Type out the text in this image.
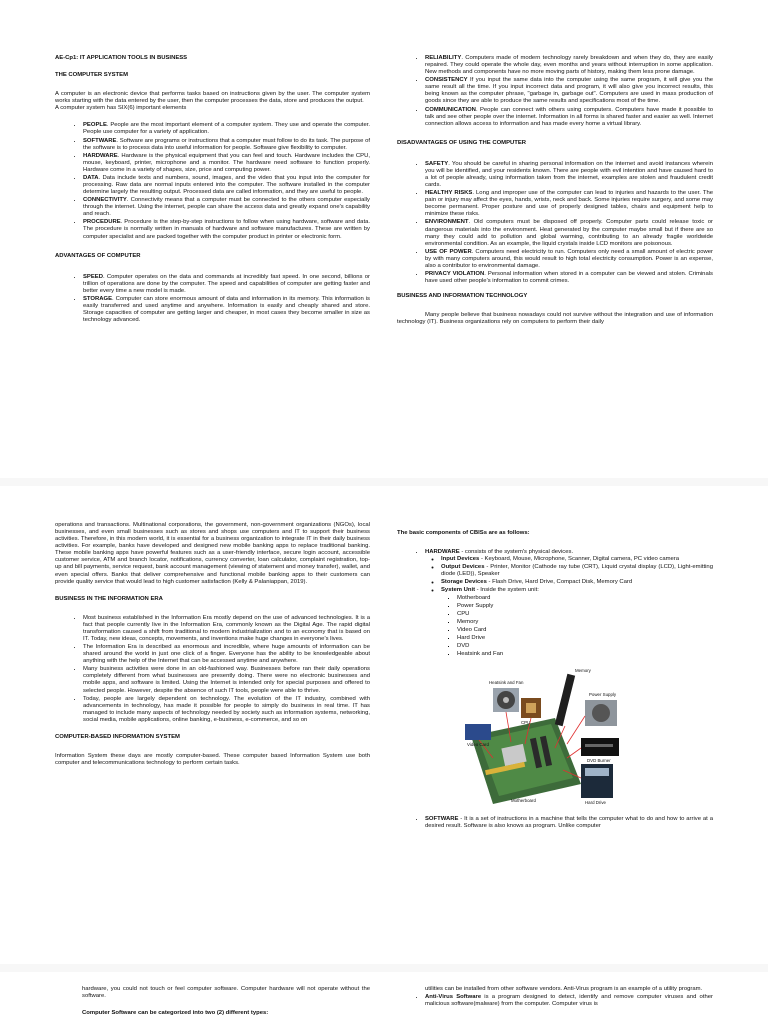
AE-Cp1: IT APPLICATION TOOLS IN BUSINESS
THE COMPUTER SYSTEM

A computer is an electronic device that performs tasks based on instructions given by the user. The computer system works starting with the data entered by the user, then the computer processes the data, store and produces the output.

A computer system has SIX(6) important elements

• PEOPLE. People are the most important element of a computer system. They use and operate the computer. People use computer for a variety of application.
• SOFTWARE. Software are programs or instructions that a computer must follow to do its task. The purpose of the software is to process data into useful information for people. Software give flexibility to computer.
• HARDWARE. Hardware is the physical equipment that you can feel and touch. Hardware includes the CPU, mouse, keyboard, printer, microphone and a monitor. The hardware need software to function properly. Hardware come in a variety of shapes, size, price and computing power.
• DATA. Data include texts and numbers, sound, images, and the video that you input into the computer for processing. Raw data are normal inputs entered into the computer. The software installed in the computer determine largely the resulting output. Processed data are called information, and they are useful to people.
• CONNECTIVITY. Connectivity means that a computer must be connected to the others computer especially through the internet. Using the internet, people can share the access data and greatly expand one's capability and reach.
• PROCEDURE. Procedure is the step-by-step instructions to follow when using hardware, software and data. The procedure is normally written in manuals of hardware and software manufactures. These are written by computer specialist and are packed together with the computer product in printer or electronic form.
ADVANTAGES OF COMPUTER
• SPEED. Computer operates on the data and commands at incredibly fast speed. In one second, billions or trillion of operations are done by the computer. The speed and capabilities of computer are getting faster and better every time a new model is made.
• STORAGE. Computer can store enormous amount of data and information in its memory. This information is easily transferred and used anytime and anywhere. Information is easily and cheaply shared and store. Storage capacities of computer are getting larger and cheaper, in most cases they become smaller in size as technology advanced.
• RELIABILITY. Computers made of modern technology rarely breakdown and when they do, they are easily repaired. They could operate the whole day, even months and years without interruption in some application. New methods and components have no more moving parts of history, making them less prone damage.
• CONSISTENCY If you input the same data into the computer using the same program, it will give you the same result all the time. If you input incorrect data and program, it will also give you incorrect results, this being known as the computer phrase, "garbage in, garbage out". Computers are used in mass production of goods since they are able to produce the same results and specifications most of the time.
• COMMUNICATION. People can connect with others using computers. Computers have made it possible to talk and see other people over the internet. Information in all forms is shared faster and easier as well. Internet connection allows access to information and has made every home a virtual library.
DISADVANTAGES OF USING THE COMPUTER
• SAFETY. You should be careful in sharing personal information on the internet and avoid instances wherein you will be identified, and your residents known. There are people with evil intention and have caused hard to a lot of people already, using information taken from the internet, examples are stolen and fraudulent credit cards.
• HEALTHY RISKS. Long and improper use of the computer can lead to injuries and hazards to the user. The pain or injury may affect the eyes, hands, wrists, neck and back. Some injuries require surgery, and some may become permanent. Proper posture and use of properly designed tables, chairs and equipment help to minimize these risks.
• ENVIRONMENT. Old computers must be disposed off properly. Computer parts could release toxic or dangerous materials into the environment. Heat generated by the computer maybe small but if there are so many they could add to pollution and global warming, contributing to an already fragile worldwide environmental condition. As an example, the liquid crystals inside LCD monitors are poisonous.
• USE OF POWER. Computers need electricity to run. Computers only need a small amount of electric power by with many computers around, this would result to high total electricity consumption. Power is an expense, also a contributor to environmental damage.
• PRIVACY VIOLATION. Personal information when stored in a computer can be viewed and stolen. Criminals have used other people's information to commit crimes.
BUSINESS AND INFORMATION TECHNOLOGY

Many people believe that business nowadays could not survive without the integration and use of information technology (IT). Business organizations rely on computers to perform their daily

operations and transactions. Multinational corporations, the government, non-government organizations (NGOs), local businesses, and even small businesses such as stores and shops use computers and IT to support their business activities. Therefore, in this modern world, it is essential for a business organization to integrate IT in their daily business activities. For example, banks have developed and designed new mobile banking apps to replace traditional banking. These mobile banking apps have powerful features such as a user-friendly interface, secure login account, accessible customer service, ATM and branch locator, notifications, currency converter, loan calculator, complaint registration, top-up and bill payments, service request, bank account management (viewing of statement and money transfer), wallet, and even special offers. Banks that deliver comprehensive and functional mobile banking apps to their customers can provide quality service that would lead to high customer satisfaction (Kelly & Palaniappan, 2019).

BUSINESS IN THE INFORMATION ERA
• Most business established in the Information Era mostly depend on the use of advanced technologies. It is a fact that people currently live in the Information Era, commonly known as the Digital Age. The rapid digital transformation caused a shift from traditional to modern industrialization and to an economy that is based on IT. Today, new ideas, concepts, movements, and inventions make huge changes in everyone's lives.
• The Information Era is described as enormous and incredible, where huge amounts of information can be shared around the world in just one click of a finger. Everyone has the ability to be knowledgeable about anything with the help of the Internet that can be accessed anytime and anywhere.
• Many business activities were done in an old-fashioned way. Businesses before ran their daily operations completely different from what businesses are presently doing. There were no electronic businesses and mobile apps, and software is limited. Using the Internet is intended only for special purposes and offered to selected people. However, despite the absence of such IT tools, people were able to thrive.
• Today, people are largely dependent on technology. The evolution of the IT industry, combined with advancements in technology, has made it possible for people to simply do business in real time. IT has managed to include many aspects of technology needed by society such as information systems, networking, social media, mobile applications, online banking, e-business, e-commerce, and so on
COMPUTER-BASED INFORMATION SYSTEM

Information System these days are mostly computer-based. These computer based Information System use both computer and telecommunications technology to perform certain tasks.

The basic components of CBISs are as follows:
• HARDWARE - consists of the system's physical devices.
◦ Input Devices - Keyboard, Mouse, Microphone, Scanner, Digital camera, PC video camera
◦ Output Devices - Printer, Monitor (Cathode ray tube (CRT), Liquid crystal display (LCD), Light-emitting diode (LED)), Speaker
◦ Storage Devices - Flash Drive, Hard Drive, Compact Disk, Memory Card
◦ System Unit - Inside the system unit:
▪ Motherboard
▪ Power Supply
▪ CPU
▪ Memory
▪ Video Card
▪ Hard Drive
▪ DVD
▪ Heatsink and Fan
Heatsink and Fan
Memory
CPU
Power Supply
DVD Burner
Video Card
Hard Drive
Motherboard
• SOFTWARE - It is a set of instructions in a machine that tells the computer what to do and how to arrive at a desired result. Software is also knows as program. Unlike computer

hardware, you could not touch or feel computer software. Computer hardware will not operate without the software.

Computer Software can be categorized into two (2) different types:

utilities can be installed from other software vendors. Anti-Virus program is an example of a utility program.

• Anti-Virus Software is a program designed to detect, identify and remove computer viruses and other malicious software(malware) from the computer. Computer virus is
